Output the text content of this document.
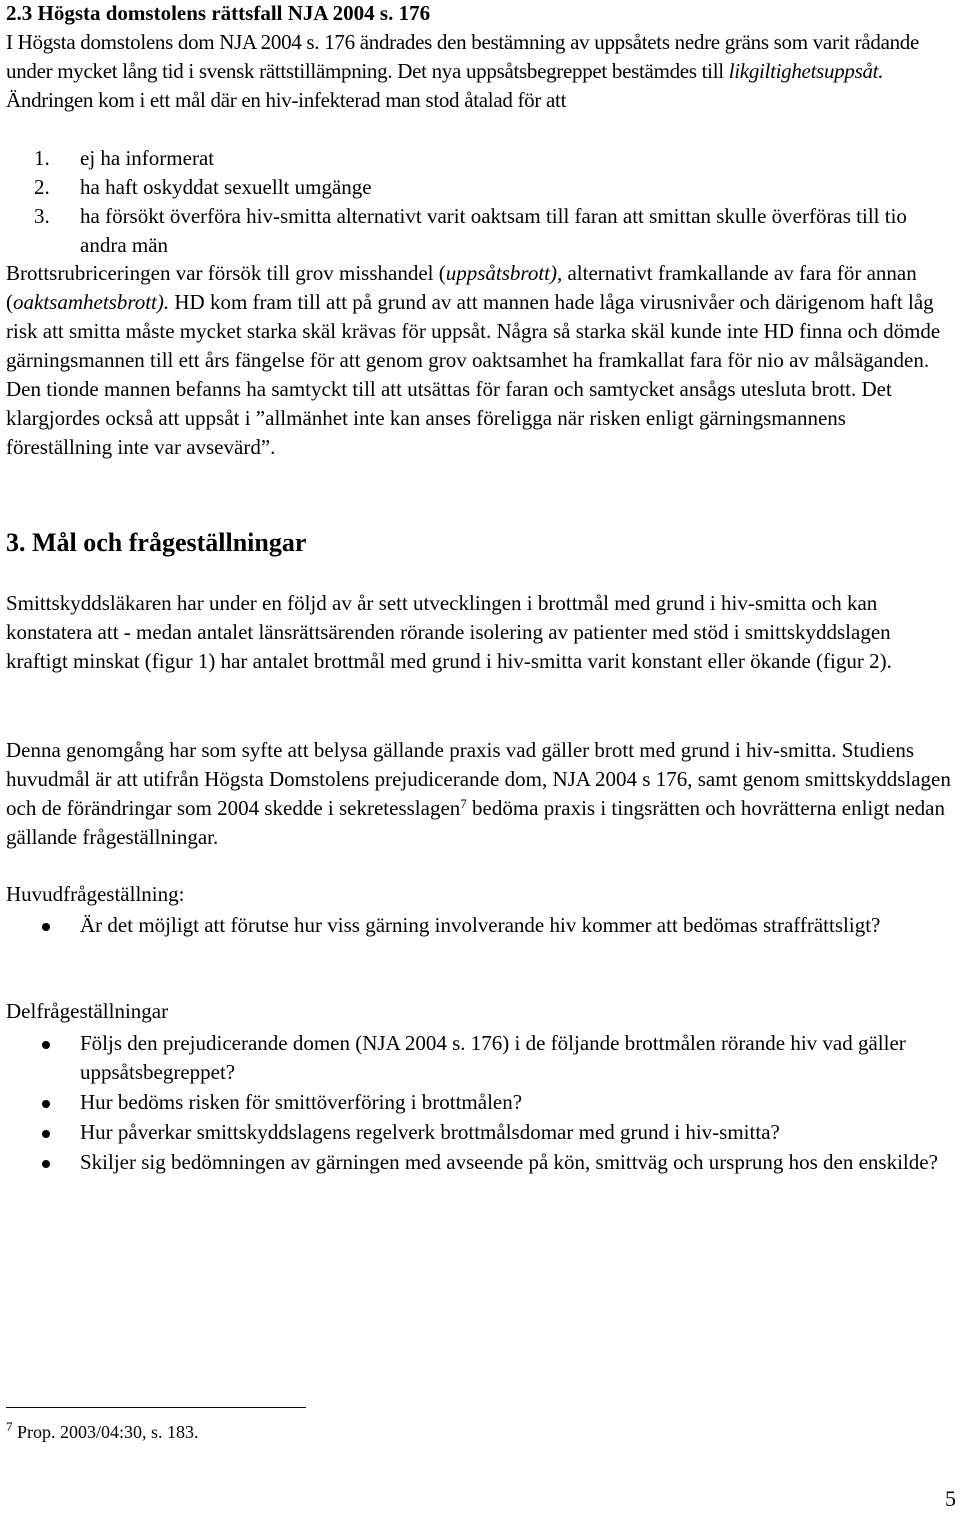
2.3 Högsta domstolens rättsfall NJA 2004 s. 176
I Högsta domstolens dom NJA 2004 s. 176 ändrades den bestämning av uppsåtets nedre gräns som varit rådande under mycket lång tid i svensk rättstillämpning. Det nya uppsåtsbegreppet bestämdes till likgiltighetsuppsåt.
Ändringen kom i ett mål där en hiv-infekterad man stod åtalad för att
1. ej ha informerat
2. ha haft oskyddat sexuellt umgänge
3. ha försökt överföra hiv-smitta alternativt varit oaktsam till faran att smittan skulle överföras till tio andra män

Brottsrubriceringen var försök till grov misshandel (uppsåtsbrott), alternativt framkallande av fara för annan (oaktsamhetsbrott). HD kom fram till att på grund av att mannen hade låga virusnivåer och därigenom haft låg risk att smitta måste mycket starka skäl krävas för uppsåt. Några så starka skäl kunde inte HD finna och dömde gärningsmannen till ett års fängelse för att genom grov oaktsamhet ha framkallat fara för nio av målsäganden. Den tionde mannen befanns ha samtyckt till att utsättas för faran och samtycket ansågs utesluta brott. Det klargjordes också att uppsåt i ”allmänhet inte kan anses föreligga när risken enligt gärningsmannens föreställning inte var avsevärd”.

3. Mål och frågeställningar

Smittskyddsläkaren har under en följd av år sett utvecklingen i brottmål med grund i hiv-smitta och kan konstatera att - medan antalet länsrättsärenden rörande isolering av patienter med stöd i smittskyddslagen kraftigt minskat (figur 1) har antalet brottmål med grund i hiv-smitta varit konstant eller ökande (figur 2).

Denna genomgång har som syfte att belysa gällande praxis vad gäller brott med grund i hiv-smitta. Studiens huvudmål är att utifrån Högsta Domstolens prejudicerande dom, NJA 2004 s 176, samt genom smittskyddslagen och de förändringar som 2004 skedde i sekretesslagen$^7$ bedöma praxis i tingsrätten och hovrätterna enligt nedan gällande frågeställningar.

Huvudfrågeställning:
Är det möjligt att förutse hur viss gärning involverande hiv kommer att bedömas straffrättsligt?
Delfrågeställningar
Följs den prejudicerande domen (NJA 2004 s. 176) i de följande brottmålen rörande hiv vad gäller uppsåtsbegreppet?
Hur bedöms risken för smittöverföring i brottmålen?
Hur påverkar smittskyddslagens regelverk brottmålsdomar med grund i hiv-smitta?
Skiljer sig bedömningen av gärningen med avseende på kön, smittväg och ursprung hos den enskilde?
$^7$ Prop. 2003/04:30, s. 183.
5
